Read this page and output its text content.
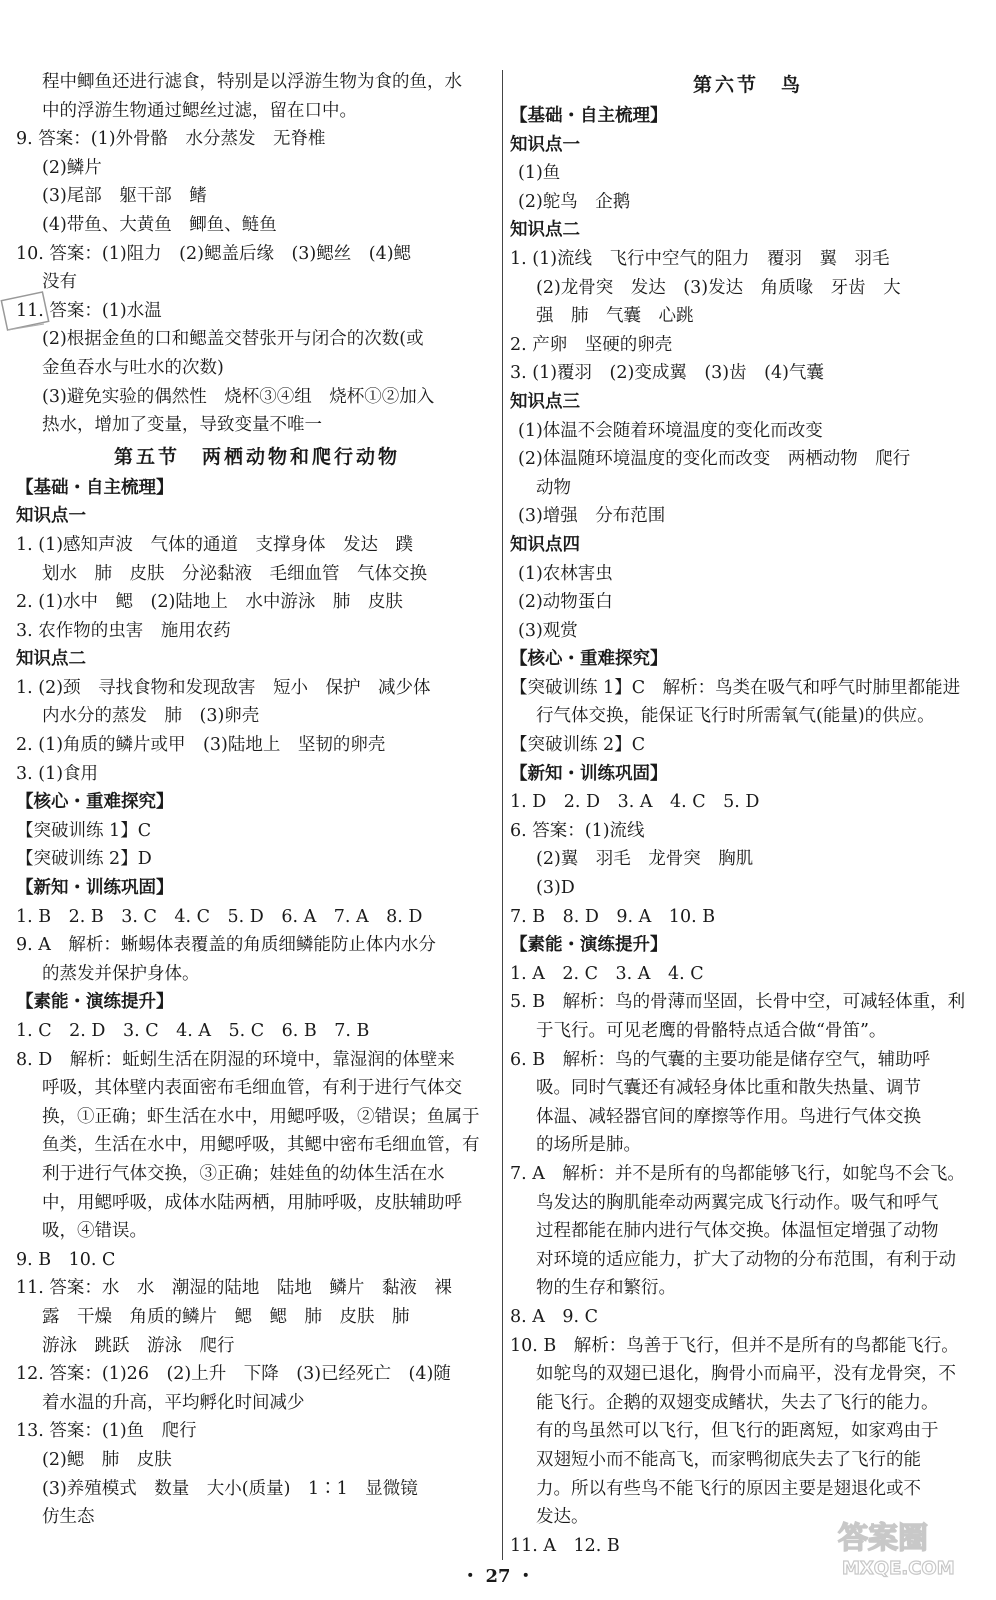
程中鲫鱼还进行滤食，特别是以浮游生物为食的鱼，水
中的浮游生物通过鳃丝过滤，留在口中。
9. 答案：(1)外骨骼　水分蒸发　无脊椎
(2)鳞片
(3)尾部　躯干部　鳍
(4)带鱼、大黄鱼　鲫鱼、鲢鱼
10. 答案：(1)阻力　(2)鳃盖后缘　(3)鳃丝　(4)鳃
没有
11. 答案：(1)水温
(2)根据金鱼的口和鳃盖交替张开与闭合的次数(或
金鱼吞水与吐水的次数)
(3)避免实验的偶然性　烧杯③④组　烧杯①②加入
热水，增加了变量，导致变量不唯一
第五节　两栖动物和爬行动物
【基础・自主梳理】
知识点一
1. (1)感知声波　气体的通道　支撑身体　发达　蹼
划水　肺　皮肤　分泌黏液　毛细血管　气体交换
2. (1)水中　鳃　(2)陆地上　水中游泳　肺　皮肤
3. 农作物的虫害　施用农药
知识点二
1. (2)颈　寻找食物和发现敌害　短小　保护　减少体
内水分的蒸发　肺　(3)卵壳
2. (1)角质的鳞片或甲　(3)陆地上　坚韧的卵壳
3. (1)食用
【核心・重难探究】
【突破训练 1】C
【突破训练 2】D
【新知・训练巩固】
1. B　2. B　3. C　4. C　5. D　6. A　7. A　8. D
9. A　解析：蜥蜴体表覆盖的角质细鳞能防止体内水分
的蒸发并保护身体。
【素能・演练提升】
1. C　2. D　3. C　4. A　5. C　6. B　7. B
8. D　解析：蚯蚓生活在阴湿的环境中，靠湿润的体壁来
呼吸，其体壁内表面密布毛细血管，有利于进行气体交
换，①正确；虾生活在水中，用鳃呼吸，②错误；鱼属于
鱼类，生活在水中，用鳃呼吸，其鳃中密布毛细血管，有
利于进行气体交换，③正确；娃娃鱼的幼体生活在水
中，用鳃呼吸，成体水陆两栖，用肺呼吸，皮肤辅助呼
吸，④错误。
9. B　10. C
11. 答案：水　水　潮湿的陆地　陆地　鳞片　黏液　裸
露　干燥　角质的鳞片　鳃　鳃　肺　皮肤　肺
游泳　跳跃　游泳　爬行
12. 答案：(1)26　(2)上升　下降　(3)已经死亡　(4)随
着水温的升高，平均孵化时间减少
13. 答案：(1)鱼　爬行
(2)鳃　肺　皮肤
(3)养殖模式　数量　大小(质量)　1∶1　显微镜
仿生态
第六节　鸟
【基础・自主梳理】
知识点一
(1)鱼
(2)鸵鸟　企鹅
知识点二
1. (1)流线　飞行中空气的阻力　覆羽　翼　羽毛
(2)龙骨突　发达　(3)发达　角质喙　牙齿　大
强　肺　气囊　心跳
2. 产卵　坚硬的卵壳
3. (1)覆羽　(2)变成翼　(3)齿　(4)气囊
知识点三
(1)体温不会随着环境温度的变化而改变
(2)体温随环境温度的变化而改变　两栖动物　爬行
动物
(3)增强　分布范围
知识点四
(1)农林害虫
(2)动物蛋白
(3)观赏
【核心・重难探究】
【突破训练 1】C　解析：鸟类在吸气和呼气时肺里都能进
行气体交换，能保证飞行时所需氧气(能量)的供应。
【突破训练 2】C
【新知・训练巩固】
1. D　2. D　3. A　4. C　5. D
6. 答案：(1)流线
(2)翼　羽毛　龙骨突　胸肌
(3)D
7. B　8. D　9. A　10. B
【素能・演练提升】
1. A　2. C　3. A　4. C
5. B　解析：鸟的骨薄而坚固，长骨中空，可减轻体重，利
于飞行。可见老鹰的骨骼特点适合做“骨笛”。
6. B　解析：鸟的气囊的主要功能是储存空气，辅助呼
吸。同时气囊还有减轻身体比重和散失热量、调节
体温、减轻器官间的摩擦等作用。鸟进行气体交换
的场所是肺。
7. A　解析：并不是所有的鸟都能够飞行，如鸵鸟不会飞。
鸟发达的胸肌能牵动两翼完成飞行动作。吸气和呼气
过程都能在肺内进行气体交换。体温恒定增强了动物
对环境的适应能力，扩大了动物的分布范围，有利于动
物的生存和繁衍。
8. A　9. C
10. B　解析：鸟善于飞行，但并不是所有的鸟都能飞行。
如鸵鸟的双翅已退化，胸骨小而扁平，没有龙骨突，不
能飞行。企鹅的双翅变成鳍状，失去了飞行的能力。
有的鸟虽然可以飞行，但飞行的距离短，如家鸡由于
双翅短小而不能高飞，而家鸭彻底失去了飞行的能
力。所以有些鸟不能飞行的原因主要是翅退化或不
发达。
11. A　12. B
・ 27 ・
答案圈
MXQE.COM
